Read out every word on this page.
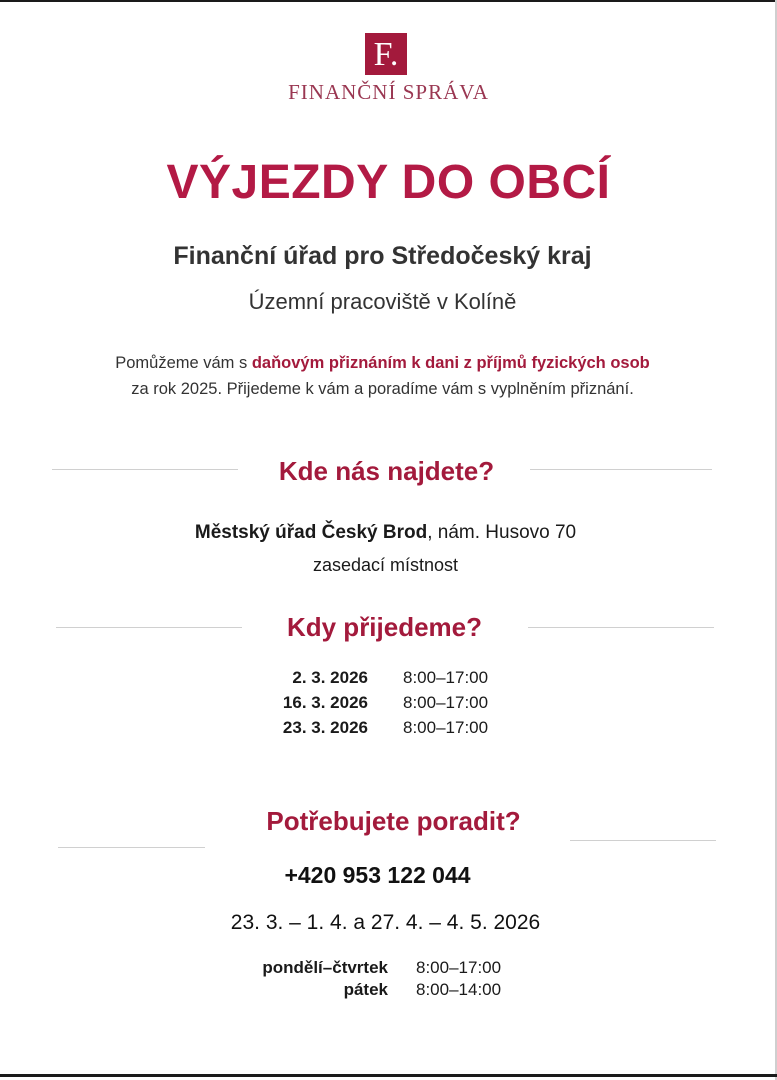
F.
FINANČNÍ SPRÁVA
VÝJEZDY DO OBCÍ
Finanční úřad pro Středočeský kraj
Územní pracoviště v Kolíně
Pomůžeme vám s daňovým přiznáním k dani z příjmů fyzických osob
za rok 2025. Přijedeme k vám a poradíme vám s vyplněním přiznání.
Kde nás najdete?
Městský úřad Český Brod, nám. Husovo 70
zasedací místnost
Kdy přijedeme?
2. 3. 2026 8:00–17:00
16. 3. 2026 8:00–17:00
23. 3. 2026 8:00–17:00
Potřebujete poradit?
+420 953 122 044
23. 3. – 1. 4. a 27. 4. – 4. 5. 2026
pondělí–čtvrtek 8:00–17:00
pátek 8:00–14:00
